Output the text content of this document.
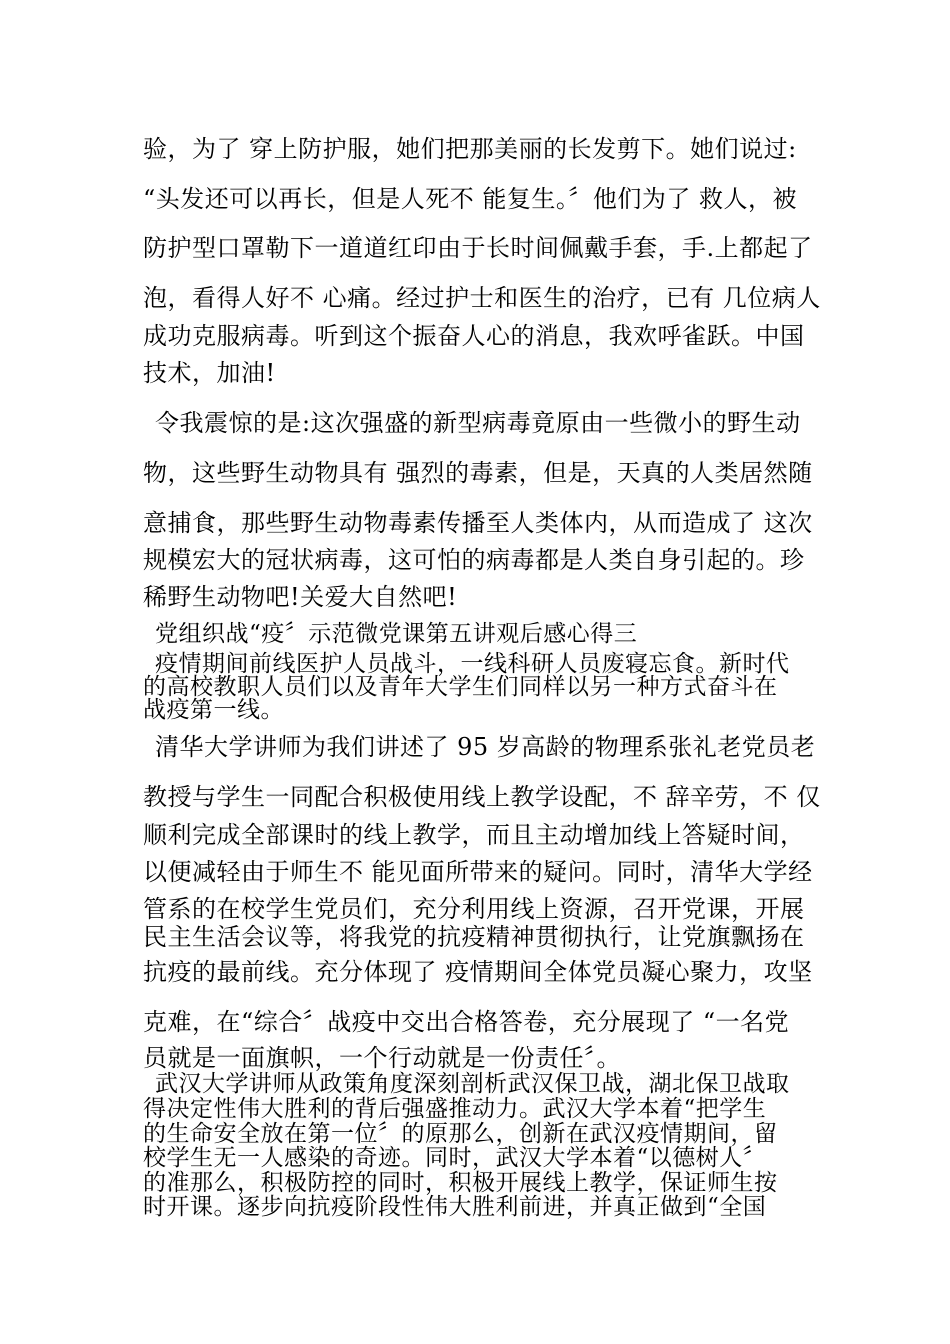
验，为了 穿上防护服，她们把那美丽的长发剪下。她们说过:
“头发还可以再长，但是人死不 能复生。〞他们为了 救人，被
防护型口罩勒下一道道红印由于长时间佩戴手套，手.上都起了
泡，看得人好不 心痛。经过护士和医生的治疗，已有 几位病人
成功克服病毒。听到这个振奋人心的消息，我欢呼雀跃。中国
技术，加油!
令我震惊的是:这次强盛的新型病毒竟原由一些微小的野生动
物，这些野生动物具有 强烈的毒素，但是，天真的人类居然随
意捕食，那些野生动物毒素传播至人类体内，从而造成了 这次
规模宏大的冠状病毒，这可怕的病毒都是人类自身引起的。珍
稀野生动物吧!关爱大自然吧!
党组织战“疫〞示范微党课第五讲观后感心得三
疫情期间前线医护人员战斗，一线科研人员废寝忘食。新时代
的高校教职人员们以及青年大学生们同样以另一种方式奋斗在
战疫第一线。
清华大学讲师为我们讲述了 95 岁高龄的物理系张礼老党员老
教授与学生一同配合积极使用线上教学设配，不 辞辛劳，不 仅
顺利完成全部课时的线上教学，而且主动增加线上答疑时间，
以便减轻由于师生不 能见面所带来的疑问。同时，清华大学经
管系的在校学生党员们，充分利用线上资源，召开党课，开展
民主生活会议等，将我党的抗疫精神贯彻执行，让党旗飘扬在
抗疫的最前线。充分体现了 疫情期间全体党员凝心聚力，攻坚
克难，在“综合〞战疫中交出合格答卷，充分展现了 “一名党
员就是一面旗帜，一个行动就是一份责任〞。
武汉大学讲师从政策角度深刻剖析武汉保卫战，湖北保卫战取
得决定性伟大胜利的背后强盛推动力。武汉大学本着“把学生
的生命安全放在第一位〞的原那么，创新在武汉疫情期间，留
校学生无一人感染的奇迹。同时，武汉大学本着“以德树人〞
的准那么，积极防控的同时，积极开展线上教学，保证师生按
时开课。逐步向抗疫阶段性伟大胜利前进，并真正做到“全国
